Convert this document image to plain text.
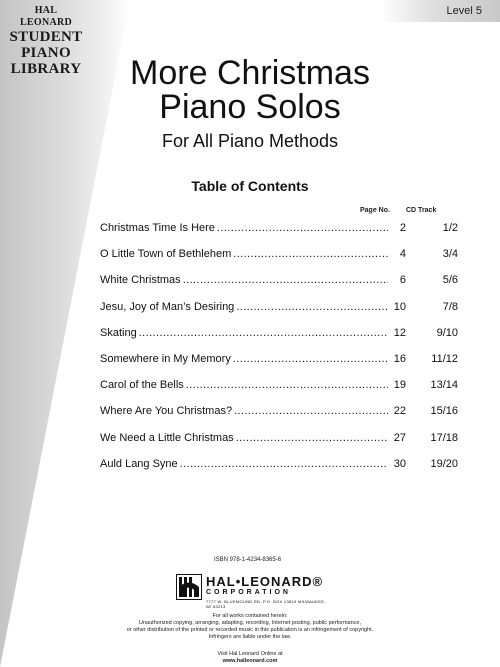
HAL LEONARD
STUDENT
PIANO
LIBRARY
Level 5
More Christmas
Piano Solos
For All Piano Methods
Table of Contents
Page No. CD Track
Christmas Time Is Here .....	2	1/2
O Little Town of Bethlehem .....	4	3/4
White Christmas .....	6	5/6
Jesu, Joy of Man’s Desiring .....	10	7/8
Skating .....	12	9/10
Somewhere in My Memory .....	16	11/12
Carol of the Bells .....	19	13/14
Where Are You Christmas? .....	22	15/16
We Need a Little Christmas .....	27	17/18
Auld Lang Syne .....	30	19/20
ISBN 978-1-4234-8365-6
HAL•LEONARD®
CORPORATION
7777 W. BLUEMOUND RD. P.O. BOX 13819 MILWAUKEE, WI 53213
For all works contained herein:
Unauthorized copying, arranging, adapting, recording, Internet posting, public performance,
or other distribution of the printed or recorded music in this publication is an infringement of copyright.
Infringers are liable under the law.
Visit Hal Leonard Online at
www.halleonard.com
